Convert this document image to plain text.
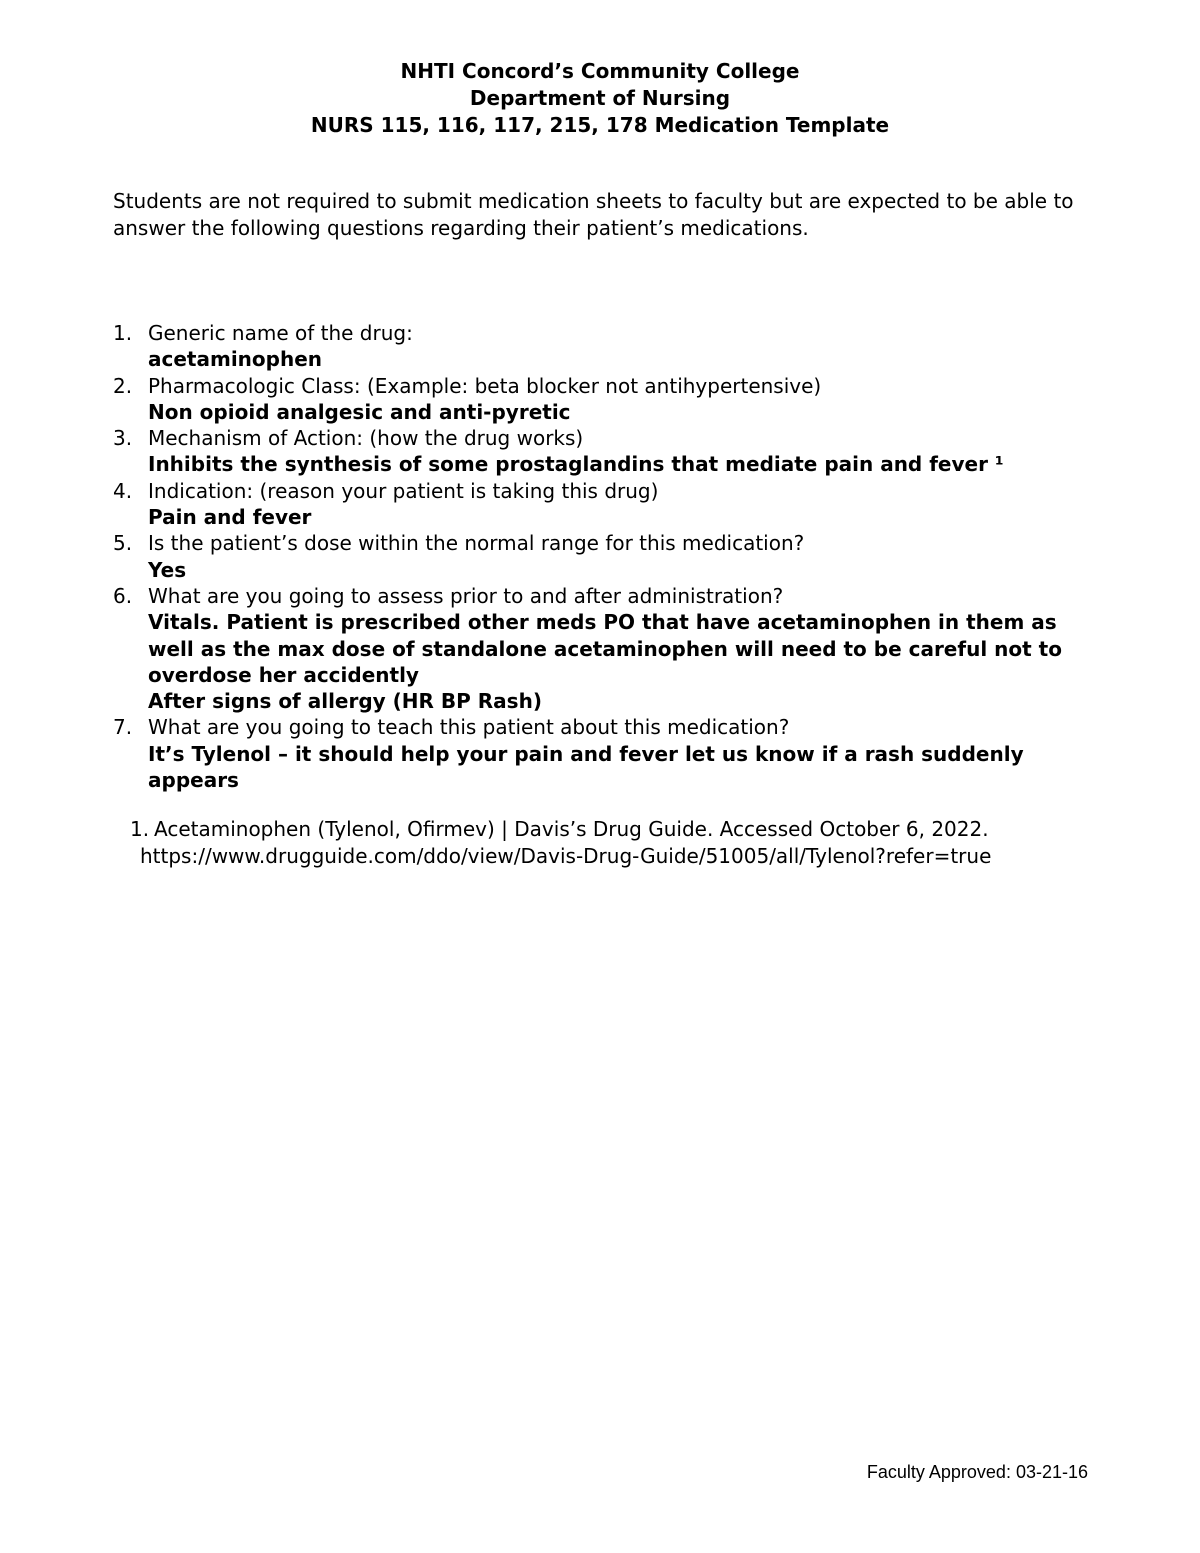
NHTI Concord’s Community College
Department of Nursing
NURS 115, 116, 117, 215, 178 Medication Template

Students are not required to submit medication sheets to faculty but are expected to be able to answer the following questions regarding their patient’s medications.

1. Generic name of the drug:
acetaminophen
2. Pharmacologic Class: (Example: beta blocker not antihypertensive)
Non opioid analgesic and anti-pyretic
3. Mechanism of Action: (how the drug works)
Inhibits the synthesis of some prostaglandins that mediate pain and fever ¹
4. Indication: (reason your patient is taking this drug)
Pain and fever
5. Is the patient’s dose within the normal range for this medication?
Yes
6. What are you going to assess prior to and after administration?
Vitals. Patient is prescribed other meds PO that have acetaminophen in them as well as the max dose of standalone acetaminophen will need to be careful not to overdose her accidently
After signs of allergy (HR BP Rash)
7. What are you going to teach this patient about this medication?
It’s Tylenol – it should help your pain and fever let us know if a rash suddenly appears
1. Acetaminophen (Tylenol, Ofirmev) | Davis’s Drug Guide. Accessed October 6, 2022.
https://www.drugguide.com/ddo/view/Davis-Drug-Guide/51005/all/Tylenol?refer=true
Faculty Approved: 03-21-16
